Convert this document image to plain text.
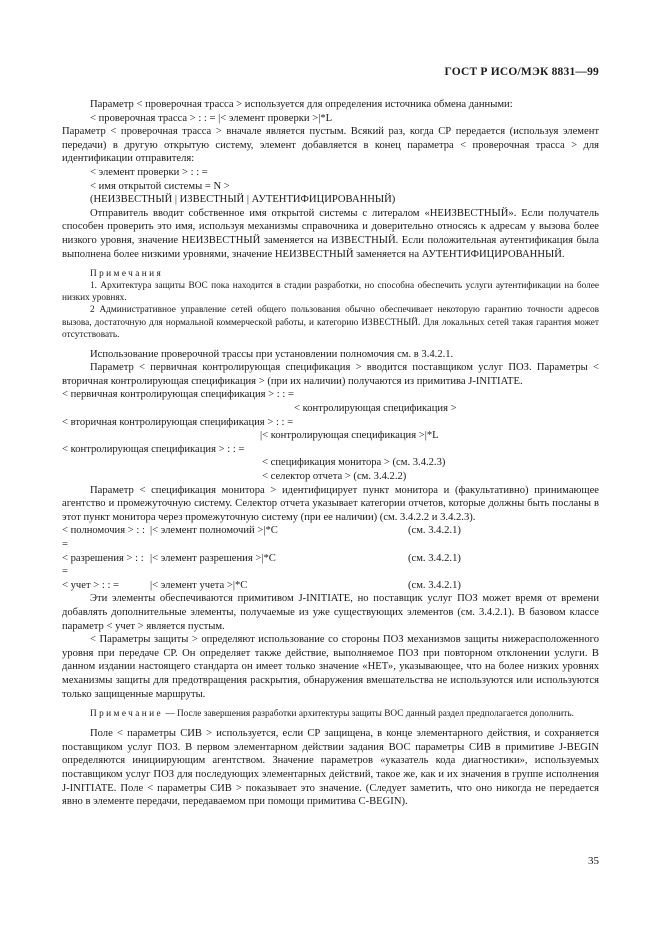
ГОСТ Р ИСО/МЭК 8831—99

Параметр < проверочная трасса > используется для определения источника обмена данными:

< проверочная трасса > : : = |< элемент проверки >|*L

Параметр < проверочная трасса > вначале является пустым. Всякий раз, когда СР передается (используя элемент передачи) в другую открытую систему, элемент добавляется в конец параметра < проверочная трасса > для идентификации отправителя:

< элемент проверки > : : =

< имя открытой системы = N >

(НЕИЗВЕСТНЫЙ | ИЗВЕСТНЫЙ | АУТЕНТИФИЦИРОВАННЫЙ)

Отправитель вводит собственное имя открытой системы с литералом «НЕИЗВЕСТНЫЙ». Если получатель способен проверить это имя, используя механизмы справочника и доверительно относясь к адресам у вызова более низкого уровня, значение НЕИЗВЕСТНЫЙ заменяется на ИЗВЕСТНЫЙ. Если положительная аутентификация была выполнена более низкими уровнями, значение НЕИЗВЕСТНЫЙ заменяется на АУТЕНТИФИЦИРОВАННЫЙ.

Примечания

1. Архитектура защиты ВОС пока находится в стадии разработки, но способна обеспечить услуги аутентификации на более низких уровнях.

2 Административное управление сетей общего пользования обычно обеспечивает некоторую гарантию точности адресов вызова, достаточную для нормальной коммерческой работы, и категорию ИЗВЕСТНЫЙ. Для локальных сетей такая гарантия может отсутствовать.

Использование проверочной трассы при установлении полномочия см. в 3.4.2.1.

Параметр < первичная контролирующая спецификация > вводится поставщиком услуг ПОЗ. Параметры < вторичная контролирующая спецификация > (при их наличии) получаются из примитива J-INITIATE.

< первичная контролирующая спецификация > : : =

< контролирующая спецификация >

< вторичная контролирующая спецификация > : : =

|< контролирующая спецификация >|*L

< контролирующая спецификация > : : =

< спецификация монитора > (см. 3.4.2.3)

< селектор отчета > (см. 3.4.2.2)

Параметр < спецификация монитора > идентифицирует пункт монитора и (факультативно) принимающее агентство и промежуточную систему. Селектор отчета указывает категории отчетов, которые должны быть посланы в этот пункт монитора через промежуточную систему (при ее наличии) (см. 3.4.2.2 и 3.4.2.3).

< полномочия > : : =
|< элемент полномочий >|*C	(см. 3.4.2.1)
< разрешения > : : =
|< элемент разрешения >|*C	(см. 3.4.2.1)
< учет > : : =	|< элемент учета >|*C	(см. 3.4.2.1)

Эти элементы обеспечиваются примитивом J-INITIATE, но поставщик услуг ПОЗ может время от времени добавлять дополнительные элементы, получаемые из уже существующих элементов (см. 3.4.2.1). В базовом классе параметр < учет > является пустым.

< Параметры защиты > определяют использование со стороны ПОЗ механизмов защиты нижерасположенного уровня при передаче СР. Он определяет также действие, выполняемое ПОЗ при повторном отклонении услуги. В данном издании настоящего стандарта он имеет только значение «НЕТ», указывающее, что на более низких уровнях механизмы защиты для предотвращения раскрытия, обнаружения вмешательства не используются или используются только защищенные маршруты.

Примечание — После завершения разработки архитектуры защиты ВОС данный раздел предполагается дополнить.

Поле < параметры СИВ > используется, если СР защищена, в конце элементарного действия, и сохраняется поставщиком услуг ПОЗ. В первом элементарном действии задания ВОС параметры СИВ в примитиве J-BEGIN определяются инициирующим агентством. Значение параметров «указатель кода диагностики», используемых поставщиком услуг ПОЗ для последующих элементарных действий, такое же, как и их значения в группе исполнения J-INITIATE. Поле < параметры СИВ > показывает это значение. (Следует заметить, что оно никогда не передается явно в элементе передачи, передаваемом при помощи примитива С-BEGIN).

35
